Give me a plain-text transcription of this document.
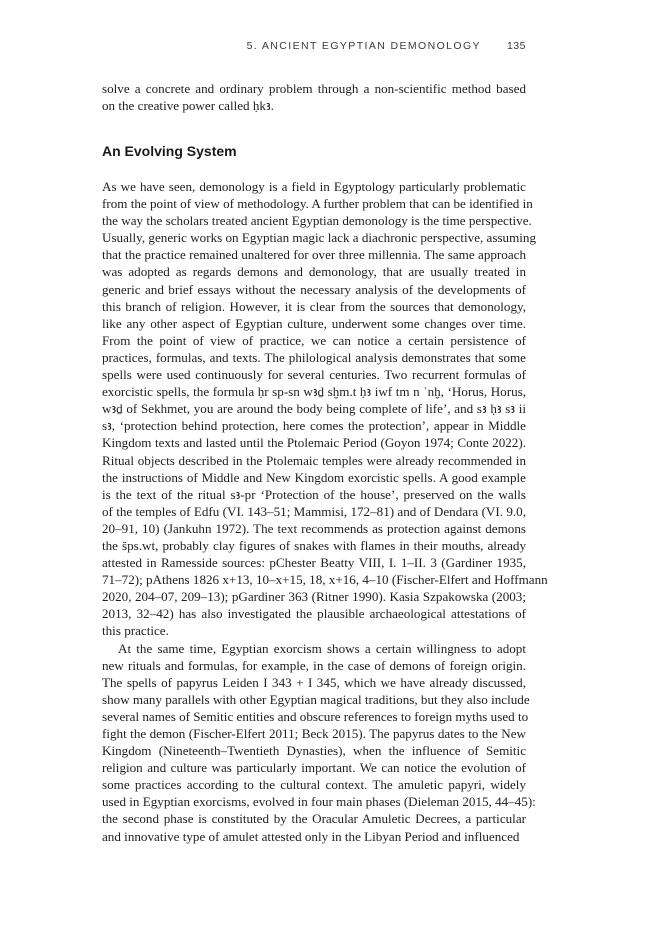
5. ANCIENT EGYPTIAN DEMONOLOGY 135
solve a concrete and ordinary problem through a non-scientific method based
on the creative power called ḥkꜣ.
An Evolving System
As we have seen, demonology is a field in Egyptology particularly problematic
from the point of view of methodology. A further problem that can be identified in
the way the scholars treated ancient Egyptian demonology is the time perspective.
Usually, generic works on Egyptian magic lack a diachronic perspective, assuming
that the practice remained unaltered for over three millennia. The same approach
was adopted as regards demons and demonology, that are usually treated in
generic and brief essays without the necessary analysis of the developments of
this branch of religion. However, it is clear from the sources that demonology,
like any other aspect of Egyptian culture, underwent some changes over time.
From the point of view of practice, we can notice a certain persistence of
practices, formulas, and texts. The philological analysis demonstrates that some
spells were used continuously for several centuries. Two recurrent formulas of
exorcistic spells, the formula ḥr sp-sn wꜣḏ sḫm.t ḥꜣ iwf tm n ʿnḫ, ‘Horus, Horus,
wꜣḏ of Sekhmet, you are around the body being complete of life’, and sꜣ ḥꜣ sꜣ ii
sꜣ, ‘protection behind protection, here comes the protection’, appear in Middle
Kingdom texts and lasted until the Ptolemaic Period (Goyon 1974; Conte 2022).
Ritual objects described in the Ptolemaic temples were already recommended in
the instructions of Middle and New Kingdom exorcistic spells. A good example
is the text of the ritual sꜣ-pr ‘Protection of the house’, preserved on the walls
of the temples of Edfu (VI. 143–51; Mammisi, 172–81) and of Dendara (VI. 9.0,
20–91, 10) (Jankuhn 1972). The text recommends as protection against demons
the šps.wt, probably clay figures of snakes with flames in their mouths, already
attested in Ramesside sources: pChester Beatty VIII, I. 1–II. 3 (Gardiner 1935,
71–72); pAthens 1826 x+13, 10–x+15, 18, x+16, 4–10 (Fischer-Elfert and Hoffmann
2020, 204–07, 209–13); pGardiner 363 (Ritner 1990). Kasia Szpakowska (2003;
2013, 32–42) has also investigated the plausible archaeological attestations of
this practice.
At the same time, Egyptian exorcism shows a certain willingness to adopt
new rituals and formulas, for example, in the case of demons of foreign origin.
The spells of papyrus Leiden I 343 + I 345, which we have already discussed,
show many parallels with other Egyptian magical traditions, but they also include
several names of Semitic entities and obscure references to foreign myths used to
fight the demon (Fischer-Elfert 2011; Beck 2015). The papyrus dates to the New
Kingdom (Nineteenth–Twentieth Dynasties), when the influence of Semitic
religion and culture was particularly important. We can notice the evolution of
some practices according to the cultural context. The amuletic papyri, widely
used in Egyptian exorcisms, evolved in four main phases (Dieleman 2015, 44–45):
the second phase is constituted by the Oracular Amuletic Decrees, a particular
and innovative type of amulet attested only in the Libyan Period and influenced
